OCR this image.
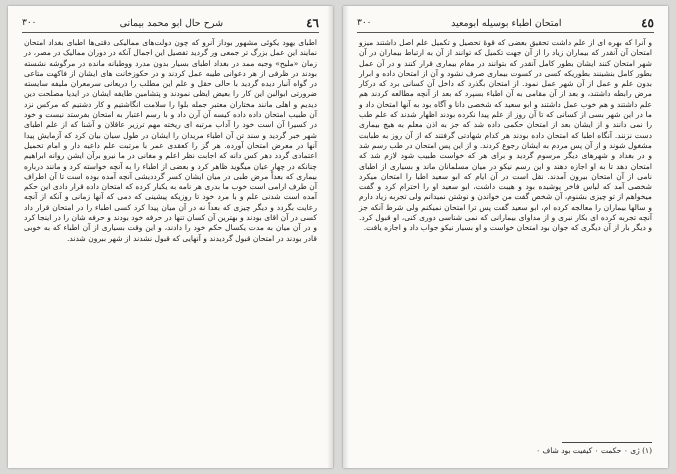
٤٦
شرح حال ابو محمد بیمانی
۳۰۰

اطبای یهود یکوئی مشهور بوداز آنرو که چون دولت‌های ممالیکی دقتی‌ها اطبای بغداد امتحان نمایند این عمل بزرگ تر جمعی ور گردید تفصیل این اجمال آنکه در دوران ممالیک در مصر، در زمان «ملیح» وجبه ممد در بغداد اطبای بسیار بدون مدرد ووطبانه مانده در مرگوشه نشسته بودند در ظرفی از هر دعوانی طیبه عمل کردند و در حکوزخانت های ایشان از فاکهت متاعی در گواه آنبار دیده گردید با حالی حقل و علم این مطلب را دریعانی سرمعران ملیفه سایسته ضرورتی ابوالبن این کار را بعیض ایظی نمودند و پتشامین طایفه ایشان در ایدیا مصلحت دین دیدیم و اهلی مانند مختاران معتبر جمله بلوا را سلامت انگاشتیم و کار دشتیم که مرکس نزد آن طبیب امتحان داده داده کیسه آن آرن داد و با رسم اعتبار به امتحان بفرستد نیست و خود در کسیرا آن است خود را آداب مرتبه ای ریخته مهم ترزیر عاقلان و آشنا که از علم اطبای شهر خبر گردید و سند تن آن اطباء مریدان را ایشان در طول سیان بیان کرد که آزمایش پیدا آنها در معرض امتحان آورده. هر گز را کعقدی عمر با مرتبت علم داعیه دار و امام تحمیل اعتمادی گردد دهر کس دانه که اجابت نظر اعلم و مغانی در ما نیرو برآن ایشن روانه ابراهیم چنانکه در چهار عیان میگوید ظاهر کرد و بعضی از اطباء را به آنچه خواسته کرد و مانند درباره بیماری که بعداً مرض طبی در میان ایشان کسر گرددیشی آنچه آمده بوده است تا آن اطراف آن طرف ارامی است خوب ما بدری هر نامه به یکبار کرده که امتحان داده قرار دادی این حکم آمده است شدنی علم و با مرد خود تا روزیکه پیشینی که دمی که آنها زمانی و آنکه از آنچه رعایت بگردد و دیگر چیزی که بعداً نه در آن میان پیدا کرد کسی اطباء را در امتحان قرار داد کسی در آن اقای بودند و بهترین آن کسان تنها در حرفه خود بودند و حرفه شان را در اینجا کرد و در آن میان به مدت یکسال حکم خود را دادند، و این وقت بسیاری از آن اطباء که به خوبی قادر بودند در امتحان قبول گردیدند و آنهایی که قبول نشدند از شهر ببرون شدند.

٤٥
امتحان اطباء بوسیله ابومعید
۳۰۰

و آنرا که بهره ای از علم داشت تحقیق بعضی که قوهٔ تحصیل و تکمیل علم اصل داشتند میزو امتحان آن آنقدر که بیماران زیاد را از آن جهت تکمیل که توانند از آن به ارتباط بیماران در آن شهر امتحان کنند ایشان بطور کامل آنقدر که بتوانند در مقام بیماری قرار کنند و در آن عمل بطور کامل بنشینند بطوریکه کسی در کسوت بیماری صرف نشود و آن از امتحان داده و ابرار بدون علم و عمل از آن شهر عمل نمود. از امتحان بگذرد که داخل آن کسانی برد که درکار مرض رابطه داشتند، و بعد از آن مقامی به آن اطباء بسپرد که بعد از آنچه مطالعه کردند هم علم داشتند و هم خوب عمل داشتند و ابو سعید که شخصی دانا و آگاه بود به آنها امتحان داد و ما در این شهر بسی از کسانی که تا آن روز از علم پیدا نکرده بودند اظهار شدند که علم طب را نمی دانند و از ایشان بعد از امتحان حکمی داده شد که جز به اذن معلم به هیچ بیماری دست نزنند. آنگاه اطبا که امتحان داده بودند هر کدام شهادتی گرفتند که از آن روز به طبابت مشغول شوند و از آن پس مردم به ایشان رجوع کردند. و از این پس امتحان در طب رسم شد و در بغداد و شهرهای دیگر مرسوم گردید و برای هر که خواست طبیب شود لازم شد که امتحان دهد تا به او اجازه دهند و این رسم نیکو در میان مسلمانان ماند و بسیاری از اطبای نامی از آن امتحان بیرون آمدند. نقل است در آن ایام که ابو سعید اطبا را امتحان میکرد شخصی آمد که لباس فاخر پوشیده بود و هیبت داشت، ابو سعید او را احترام کرد و گفت میخواهم از تو چیزی بشنوم، آن شخص گفت من خواندن و نوشتن نمیدانم ولی تجربه زیاد دارم و سالها بیماران را معالجه کرده ام، ابو سعید گفت پس ترا امتحان نمیکنم ولی شرط آنکه جز آنچه تجربه کرده ای بکار نبری و از مداوای بیمارانی که نمی شناسی دوری کنی، او قبول کرد. و دیگر بار از آن دیگری که جوان بود امتحان خواست و او بسیار نیکو جواب داد و اجازه یافت.

(۱) ژی ٠ حکمت ٠ کیفیت بود شاف ٠
